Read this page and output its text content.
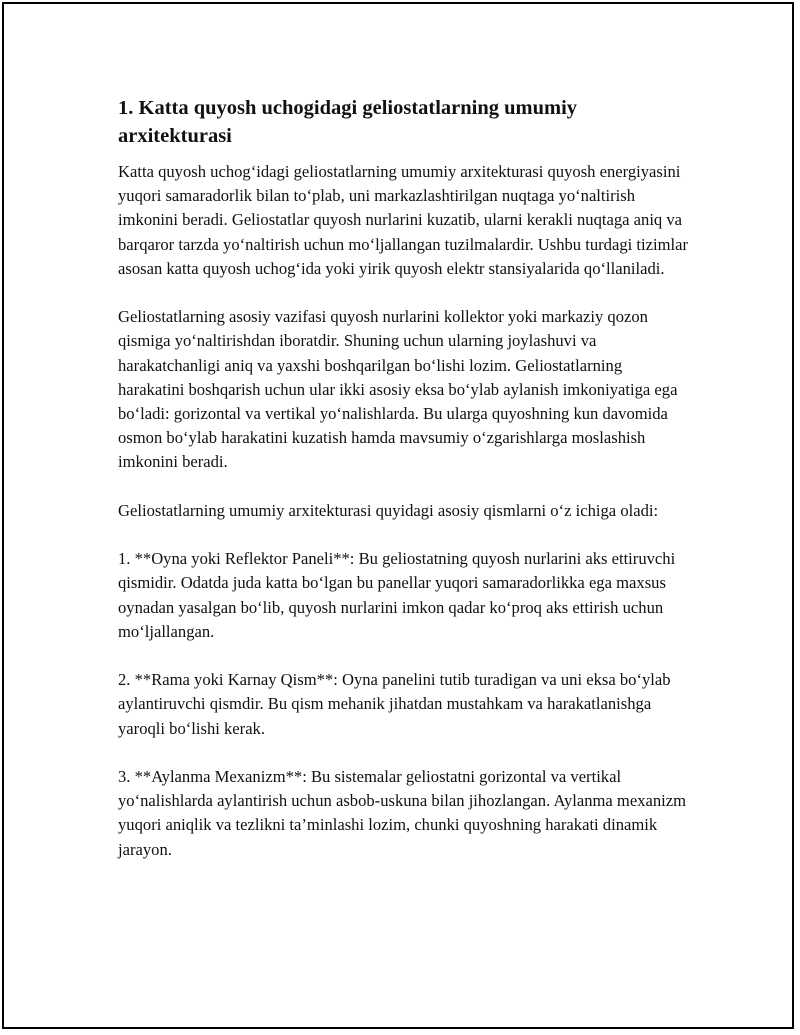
1. Katta quyosh uchogidagi geliostatlarning umumiy arxitekturasi

Katta quyosh uchog‘idagi geliostatlarning umumiy arxitekturasi quyosh energiyasini yuqori samaradorlik bilan to‘plab, uni markazlashtirilgan nuqtaga yo‘naltirish imkonini beradi. Geliostatlar quyosh nurlarini kuzatib, ularni kerakli nuqtaga aniq va barqaror tarzda yo‘naltirish uchun mo‘ljallangan tuzilmalardir. Ushbu turdagi tizimlar asosan katta quyosh uchog‘ida yoki yirik quyosh elektr stansiyalarida qo‘llaniladi.

Geliostatlarning asosiy vazifasi quyosh nurlarini kollektor yoki markaziy qozon qismiga yo‘naltirishdan iboratdir. Shuning uchun ularning joylashuvi va harakatchanligi aniq va yaxshi boshqarilgan bo‘lishi lozim. Geliostatlarning harakatini boshqarish uchun ular ikki asosiy eksa bo‘ylab aylanish imkoniyatiga ega bo‘ladi: gorizontal va vertikal yo‘nalishlarda. Bu ularga quyoshning kun davomida osmon bo‘ylab harakatini kuzatish hamda mavsumiy o‘zgarishlarga moslashish imkonini beradi.

Geliostatlarning umumiy arxitekturasi quyidagi asosiy qismlarni o‘z ichiga oladi:

1. **Oyna yoki Reflektor Paneli**: Bu geliostatning quyosh nurlarini aks ettiruvchi qismidir. Odatda juda katta bo‘lgan bu panellar yuqori samaradorlikka ega maxsus oynadan yasalgan bo‘lib, quyosh nurlarini imkon qadar ko‘proq aks ettirish uchun mo‘ljallangan.

2. **Rama yoki Karnay Qism**: Oyna panelini tutib turadigan va uni eksa bo‘ylab aylantiruvchi qismdir. Bu qism mehanik jihatdan mustahkam va harakatlanishga yaroqli bo‘lishi kerak.

3. **Aylanma Mexanizm**: Bu sistemalar geliostatni gorizontal va vertikal yo‘nalishlarda aylantirish uchun asbob-uskuna bilan jihozlangan. Aylanma mexanizm yuqori aniqlik va tezlikni ta’minlashi lozim, chunki quyoshning harakati dinamik jarayon.
